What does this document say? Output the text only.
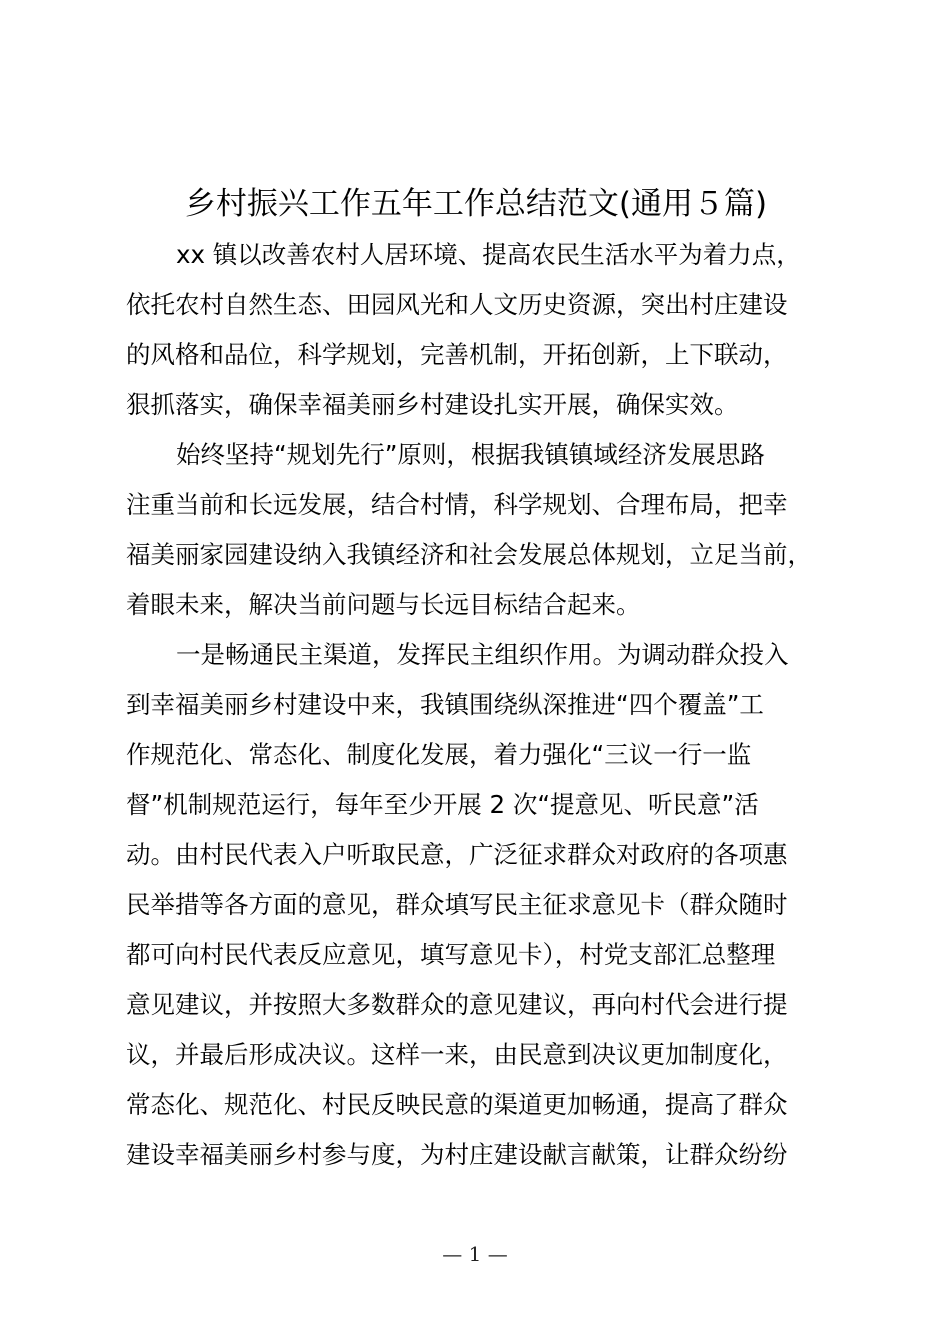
乡村振兴工作五年工作总结范文(通用５篇)
xx 镇以改善农村人居环境、提高农民生活水平为着力点，
依托农村自然生态、田园风光和人文历史资源，突出村庄建设
的风格和品位，科学规划，完善机制，开拓创新，上下联动，
狠抓落实，确保幸福美丽乡村建设扎实开展，确保实效。
始终坚持“规划先行”原则，根据我镇镇域经济发展思路
注重当前和长远发展，结合村情，科学规划、合理布局，把幸
福美丽家园建设纳入我镇经济和社会发展总体规划，立足当前，
着眼未来，解决当前问题与长远目标结合起来。
一是畅通民主渠道，发挥民主组织作用。为调动群众投入
到幸福美丽乡村建设中来，我镇围绕纵深推进“四个覆盖”工
作规范化、常态化、制度化发展，着力强化“三议一行一监
督”机制规范运行，每年至少开展 2 次“提意见、听民意”活
动。由村民代表入户听取民意，广泛征求群众对政府的各项惠
民举措等各方面的意见，群众填写民主征求意见卡（群众随时
都可向村民代表反应意见，填写意见卡），村党支部汇总整理
意见建议，并按照大多数群众的意见建议，再向村代会进行提
议，并最后形成决议。这样一来，由民意到决议更加制度化，
常态化、规范化、村民反映民意的渠道更加畅通，提高了群众
建设幸福美丽乡村参与度，为村庄建设献言献策，让群众纷纷
— 1 —
